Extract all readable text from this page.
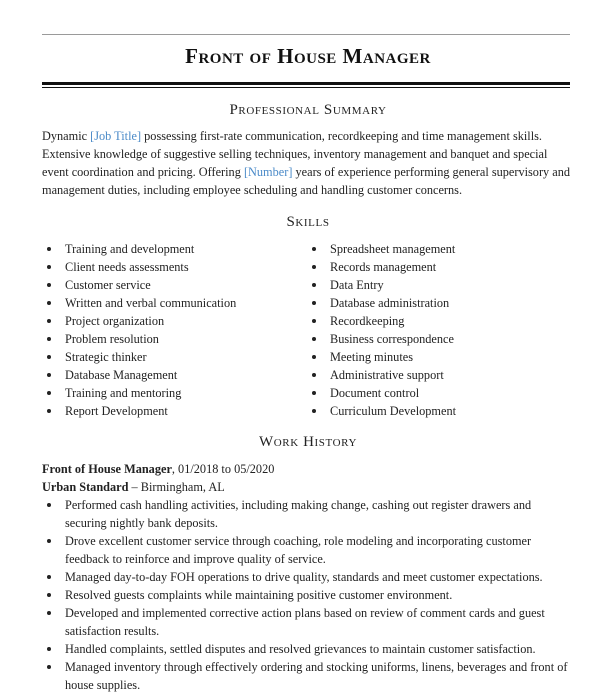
Front of House Manager
Professional Summary
Dynamic [Job Title] possessing first-rate communication, recordkeeping and time management skills. Extensive knowledge of suggestive selling techniques, inventory management and banquet and special event coordination and pricing. Offering [Number] years of experience performing general supervisory and management duties, including employee scheduling and handling customer concerns.
Skills
Training and development
Client needs assessments
Customer service
Written and verbal communication
Project organization
Problem resolution
Strategic thinker
Database Management
Training and mentoring
Report Development
Spreadsheet management
Records management
Data Entry
Database administration
Recordkeeping
Business correspondence
Meeting minutes
Administrative support
Document control
Curriculum Development
Work History
Front of House Manager, 01/2018 to 05/2020
Urban Standard – Birmingham, AL
Performed cash handling activities, including making change, cashing out register drawers and securing nightly bank deposits.
Drove excellent customer service through coaching, role modeling and incorporating customer feedback to reinforce and improve quality of service.
Managed day-to-day FOH operations to drive quality, standards and meet customer expectations.
Resolved guests complaints while maintaining positive customer environment.
Developed and implemented corrective action plans based on review of comment cards and guest satisfaction results.
Handled complaints, settled disputes and resolved grievances to maintain customer satisfaction.
Managed inventory through effectively ordering and stocking uniforms, linens, beverages and front of house supplies.
